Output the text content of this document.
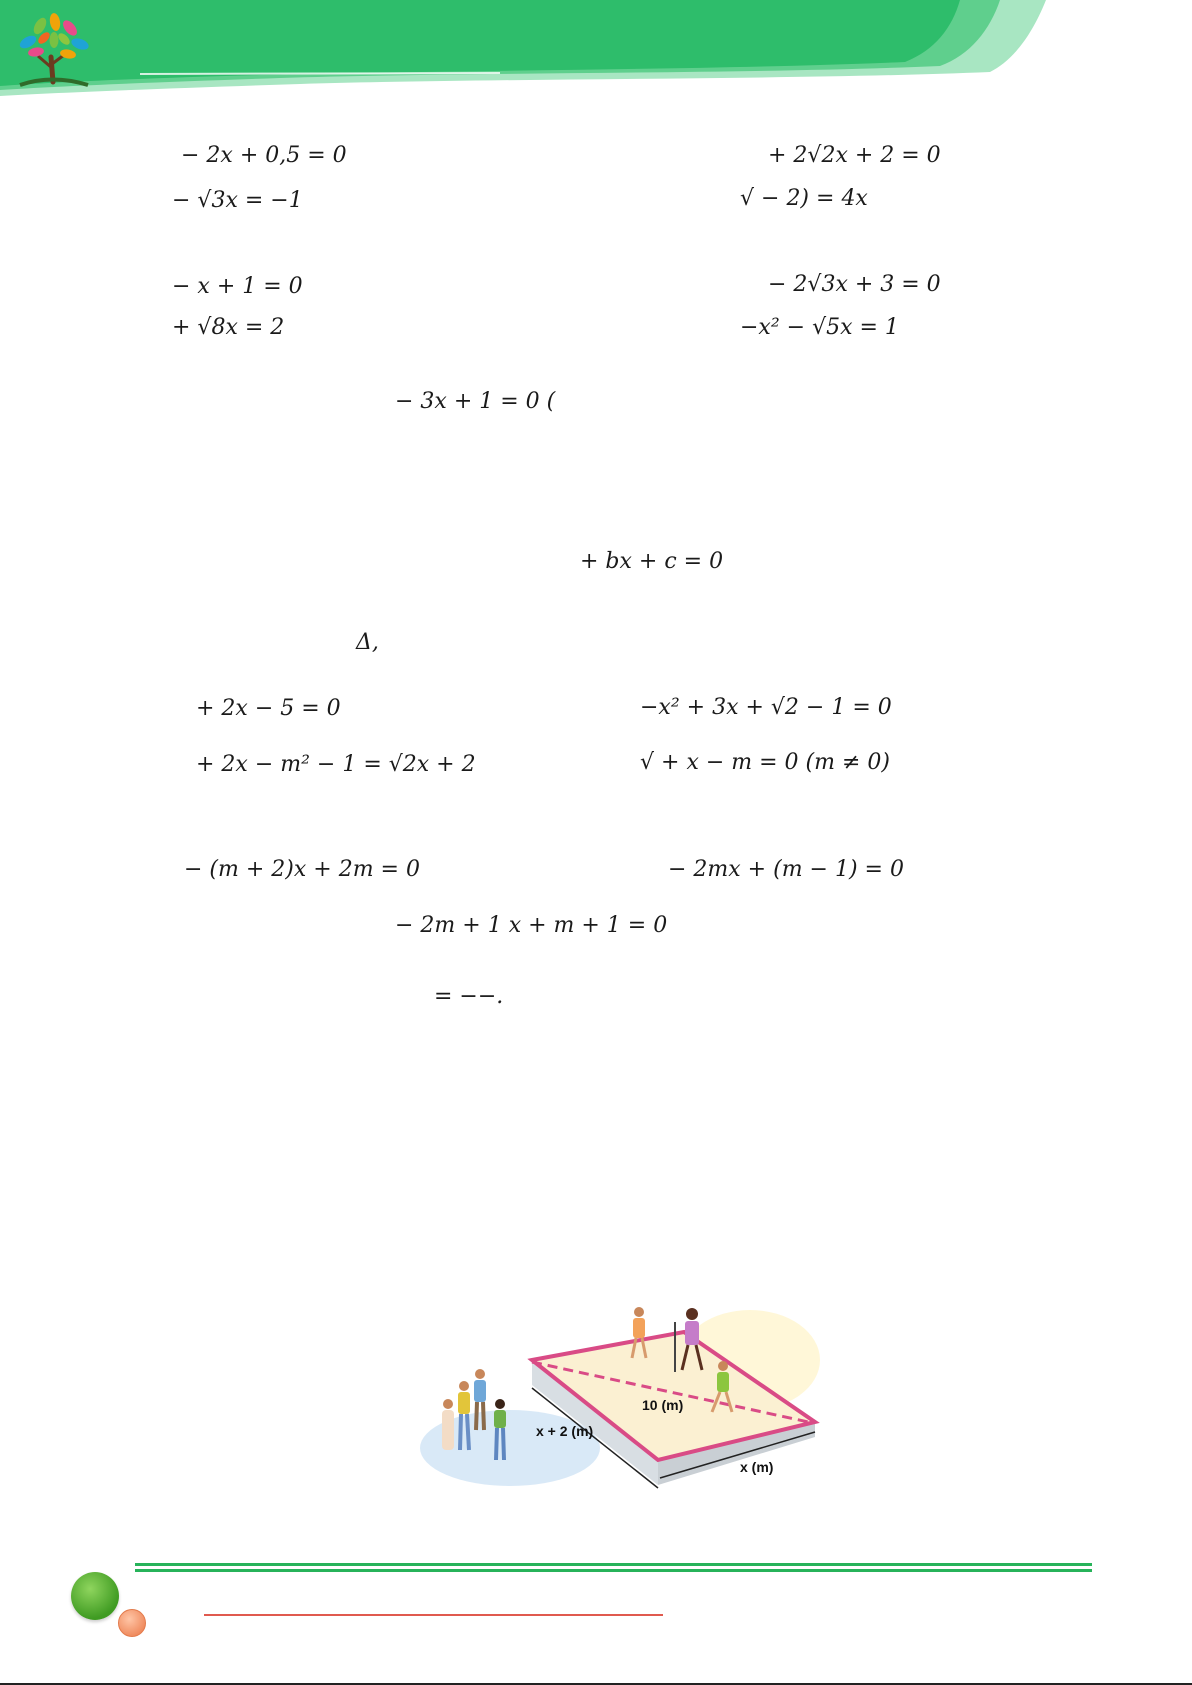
− 2x + 0,5 = 0	+ 2√2x + 2 = 0
− √3x = −1	√ − 2) = 4x
− x + 1 = 0	− 2√3x + 3 = 0
+ √8x = 2	−x² − √5x = 1
− 3x + 1 = 0 (
+ bx + c = 0
Δ,
+ 2x − 5 = 0	−x² + 3x + √2 − 1 = 0
+ 2x − m² − 1 = √2x + 2	√ + x − m = 0 (m ≠ 0)
− (m + 2)x + 2m = 0	− 2mx + (m − 1) = 0
− 2m + 1 x + m + 1 = 0
= −−.
10 (m)
x + 2 (m)
x (m)
